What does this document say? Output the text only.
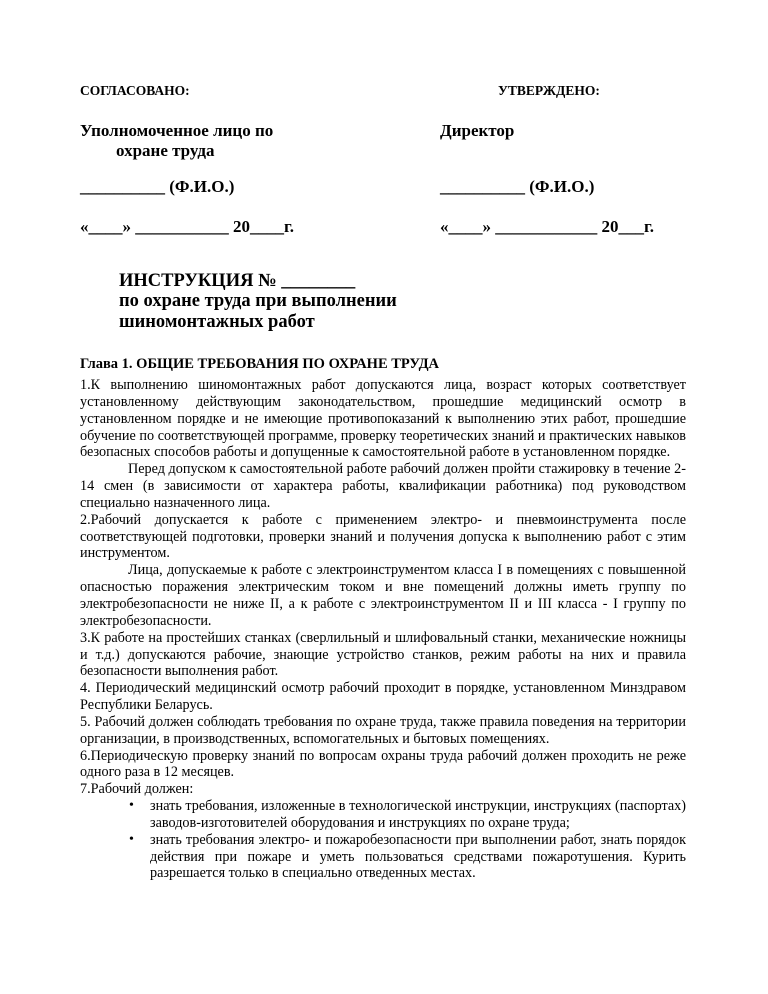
СОГЛАСОВАНО:	УТВЕРЖДЕНО:
Уполномоченное лицо по
охране труда
Директор
__________ (Ф.И.О.)	__________ (Ф.И.О.)
«____» ___________ 20____г.	«____» ____________ 20___г.
ИНСТРУКЦИЯ № ________
по охране труда при выполнении
шиномонтажных работ
Глава 1. ОБЩИЕ ТРЕБОВАНИЯ ПО ОХРАНЕ ТРУДА

1.К выполнению шиномонтажных работ допускаются лица, возраст которых соответствует установленному действующим законодательством, прошедшие медицинский осмотр в установленном порядке и не имеющие противопоказаний к выполнению этих работ, прошедшие обучение по соответствующей программе, проверку теоретических знаний и практических навыков безопасных способов работы и допущенные к самостоятельной работе в установленном порядке.

Перед допуском к самостоятельной работе рабочий должен пройти стажировку в течение 2-14 смен (в зависимости от характера работы, квалификации работника) под руководством специально назначенного лица.

2.Рабочий допускается к работе с применением электро- и пневмоинструмента после соответствующей подготовки, проверки знаний и получения допуска к выполнению работ с этим инструментом.

Лица, допускаемые к работе с электроинструментом класса I в помещениях с повышенной опасностью поражения электрическим током и вне помещений должны иметь группу по электробезопасности не ниже II, а к работе с электроинструментом II и III класса - I группу по электробезопасности.

3.К работе на простейших станках (сверлильный и шлифовальный станки, механические ножницы и т.д.) допускаются рабочие, знающие устройство станков, режим работы на них и правила безопасности выполнения работ.

4. Периодический медицинский осмотр рабочий проходит в порядке, установленном Минздравом Республики Беларусь.

5. Рабочий должен соблюдать требования по охране труда, также правила поведения на территории организации, в производственных, вспомогательных и бытовых помещениях.

6.Периодическую проверку знаний по вопросам охраны труда рабочий должен проходить не реже одного раза в 12 месяцев.

7.Рабочий должен:

• знать требования, изложенные в технологической инструкции, инструкциях (паспортах) заводов-изготовителей оборудования и инструкциях по охране труда;
• знать требования электро- и пожаробезопасности при выполнении работ, знать порядок действия при пожаре и уметь пользоваться средствами пожаротушения. Курить разрешается только в специально отведенных местах.
